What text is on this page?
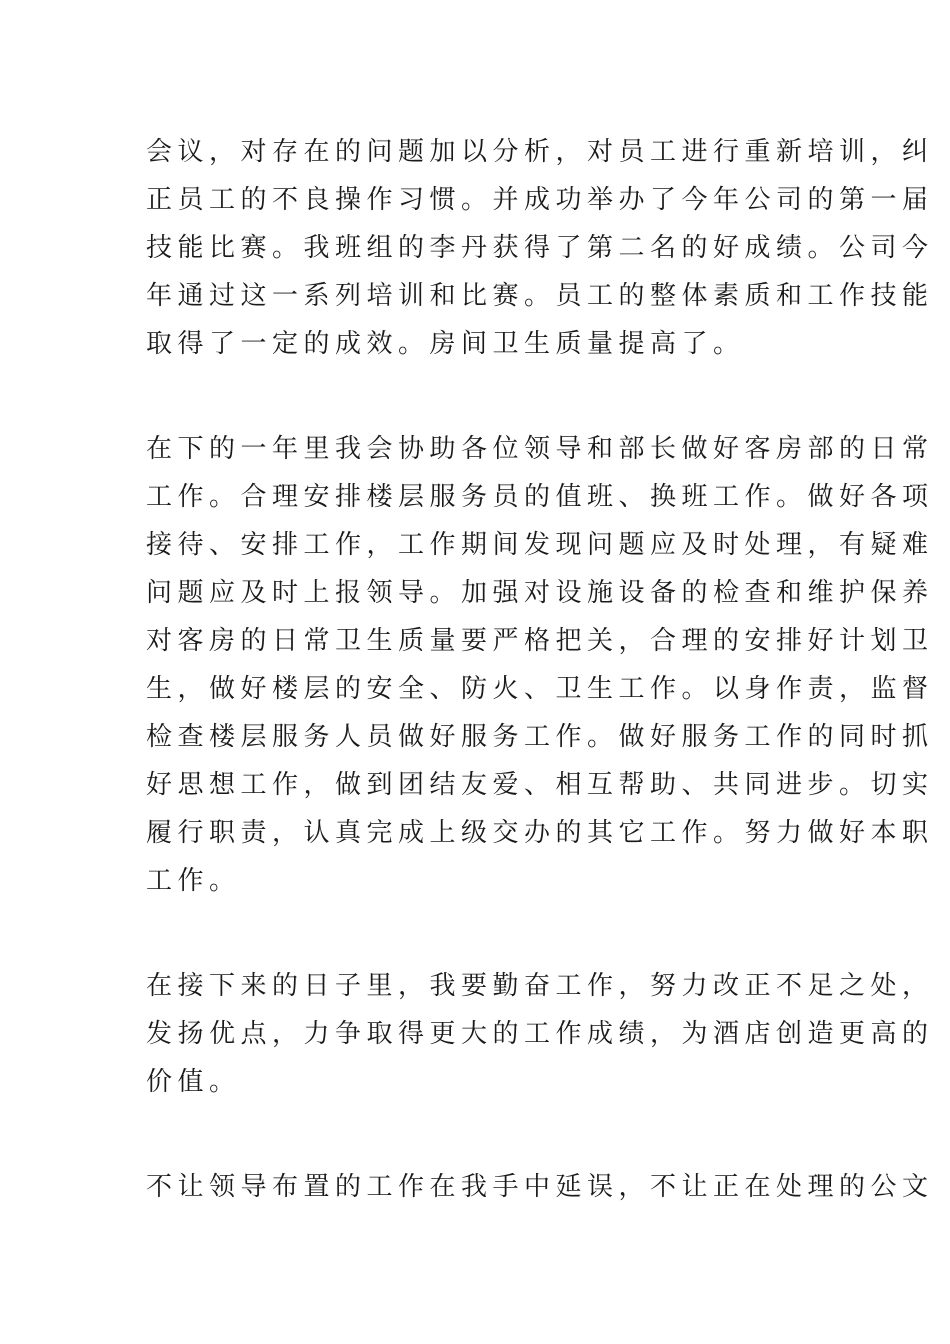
会议，对存在的问题加以分析，对员工进行重新培训，纠
正员工的不良操作习惯。并成功举办了今年公司的第一届
技能比赛。我班组的李丹获得了第二名的好成绩。公司今
年通过这一系列培训和比赛。员工的整体素质和工作技能
取得了一定的成效。房间卫生质量提高了。
在下的一年里我会协助各位领导和部长做好客房部的日常
工作。合理安排楼层服务员的值班、换班工作。做好各项
接待、安排工作，工作期间发现问题应及时处理，有疑难
问题应及时上报领导。加强对设施设备的检查和维护保养
对客房的日常卫生质量要严格把关，合理的安排好计划卫
生，做好楼层的安全、防火、卫生工作。以身作责，监督
检查楼层服务人员做好服务工作。做好服务工作的同时抓
好思想工作，做到团结友爱、相互帮助、共同进步。切实
履行职责，认真完成上级交办的其它工作。努力做好本职
工作。
在接下来的日子里，我要勤奋工作，努力改正不足之处，
发扬优点，力争取得更大的工作成绩，为酒店创造更高的
价值。
不让领导布置的工作在我手中延误，不让正在处理的公文
